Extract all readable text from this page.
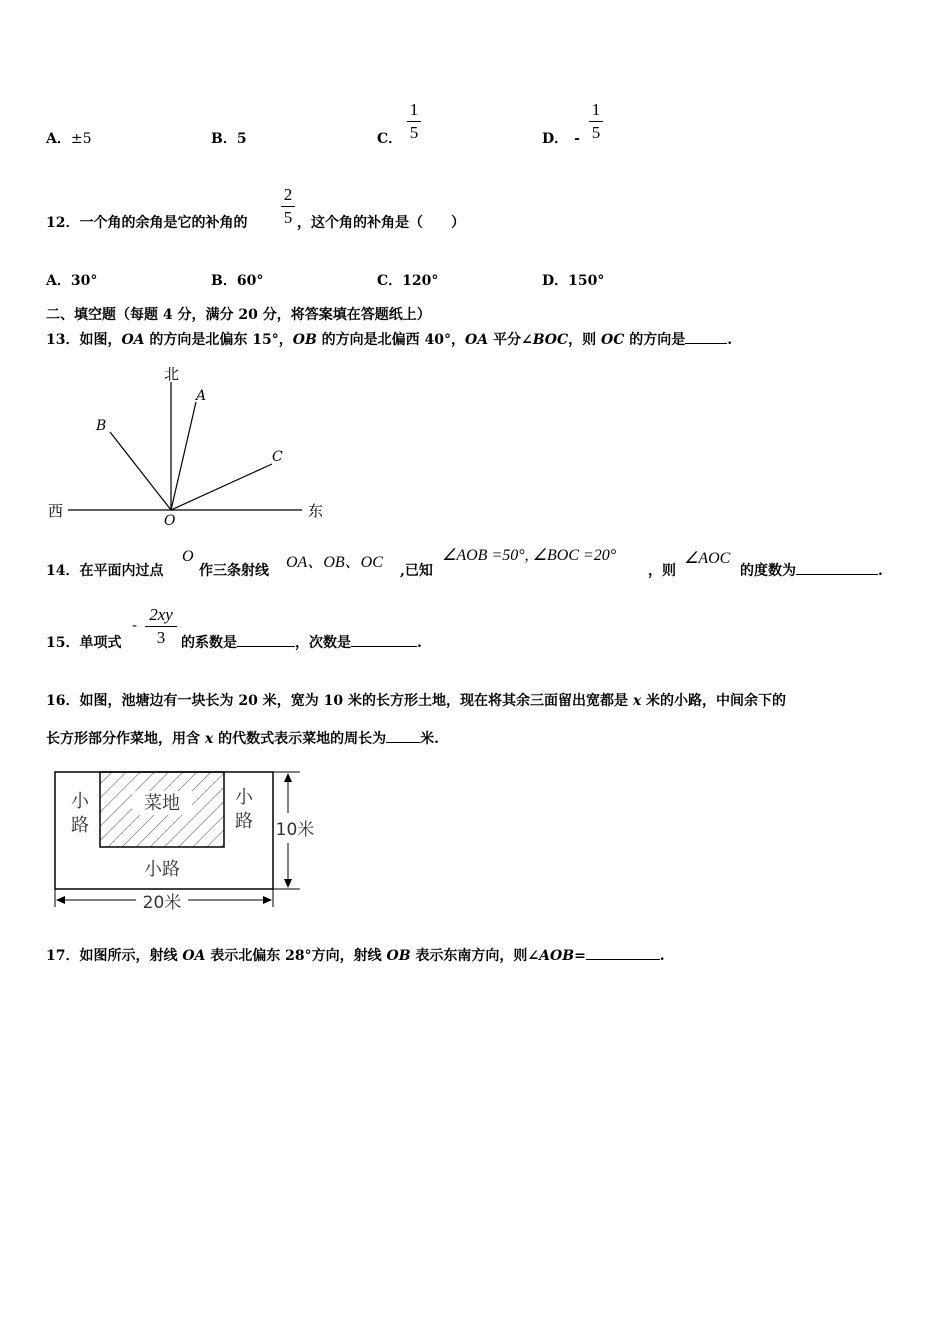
A．±5	B．5	C．
1
5	D． -
1
5
12．一个角的余角是它的补角的
2
5 ，这个角的补角是（　　）
A．30°	B．60°	C．120°	D．150°
二、填空题（每题 4 分，满分 20 分，将答案填在答题纸上）
13．如图，OA 的方向是北偏东 15°，OB 的方向是北偏西 40°，OA 平分∠BOC，则 OC 的方向是	.
北
西	东
A
B
C
O
14．在平面内过点
O
作三条射线 OA、OB、OC ,已知
∠AOB =50°, ∠BOC =20°
，则
∠AOC
的度数为	.
15．单项式
-
2xy
3	的系数是	，次数是	.
16．如图，池塘边有一块长为 20 米，宽为 10 米的长方形土地，现在将其余三面留出宽都是 x 米的小路，中间余下的
长方形部分作菜地，用含 x 的代数式表示菜地的周长为 米.
菜地
小
路
小
路
小路
10米
20米
17．如图所示，射线 OA 表示北偏东 28°方向，射线 OB 表示东南方向，则∠AOB=	.
